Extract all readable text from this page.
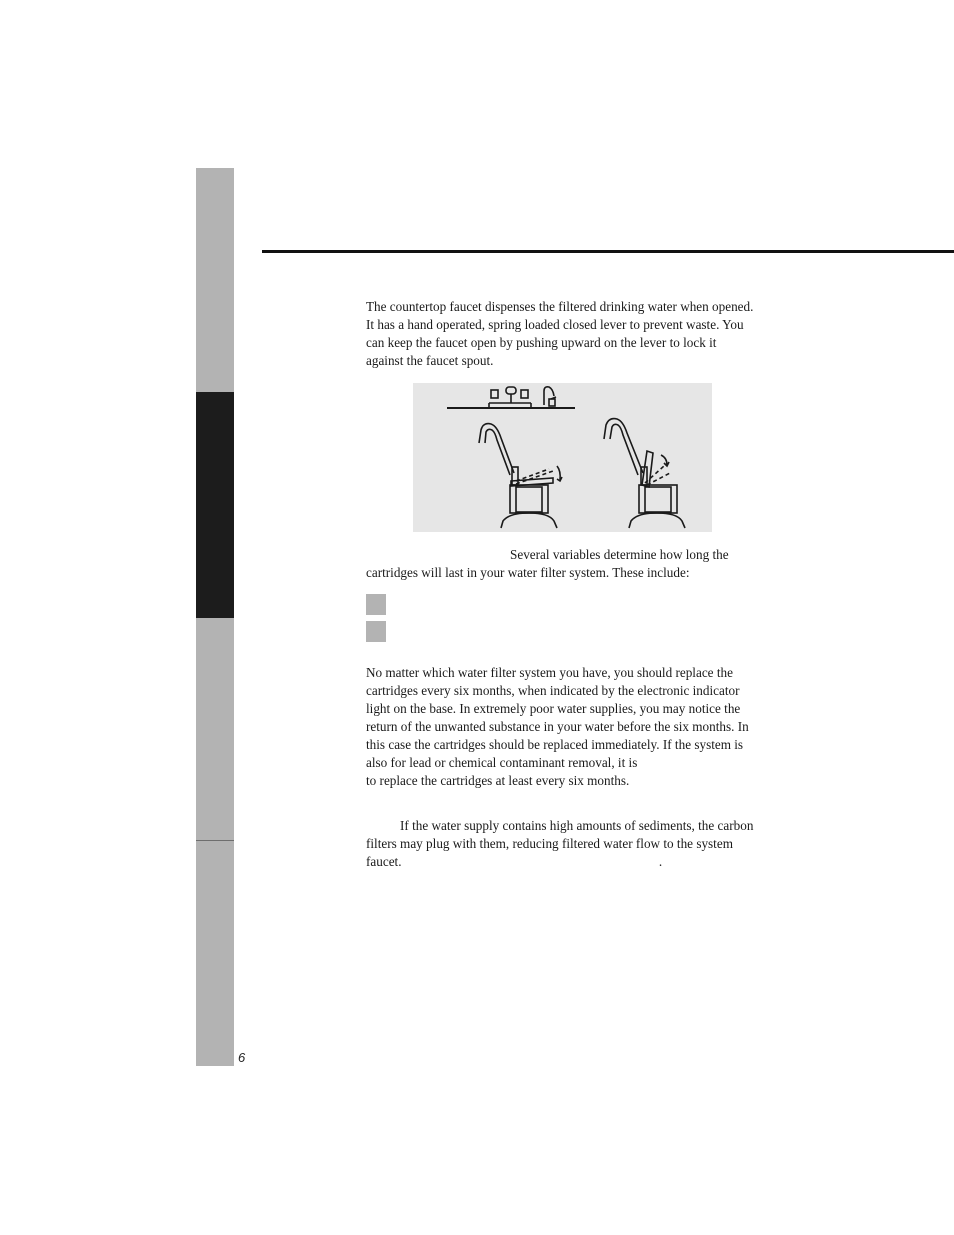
The countertop faucet dispenses the filtered drinking water when opened. It has a hand operated, spring loaded closed lever to prevent waste. You can keep the faucet open by pushing upward on the lever to lock it against the faucet spout.

Several variables determine how long the cartridges will last in your water filter system. These include:

No matter which water filter system you have, you should replace the cartridges every six months, when indicated by the electronic indicator light on the base. In extremely poor water supplies, you may notice the return of the unwanted substance in your water before the six months. In this case the cartridges should be replaced immediately. If the system is also for lead or chemical contaminant removal, it is  to replace the cartridges at least every six months.

If the water supply contains high amounts of sediments, the carbon filters may plug with them, reducing filtered water flow to the system faucet.	.

6
